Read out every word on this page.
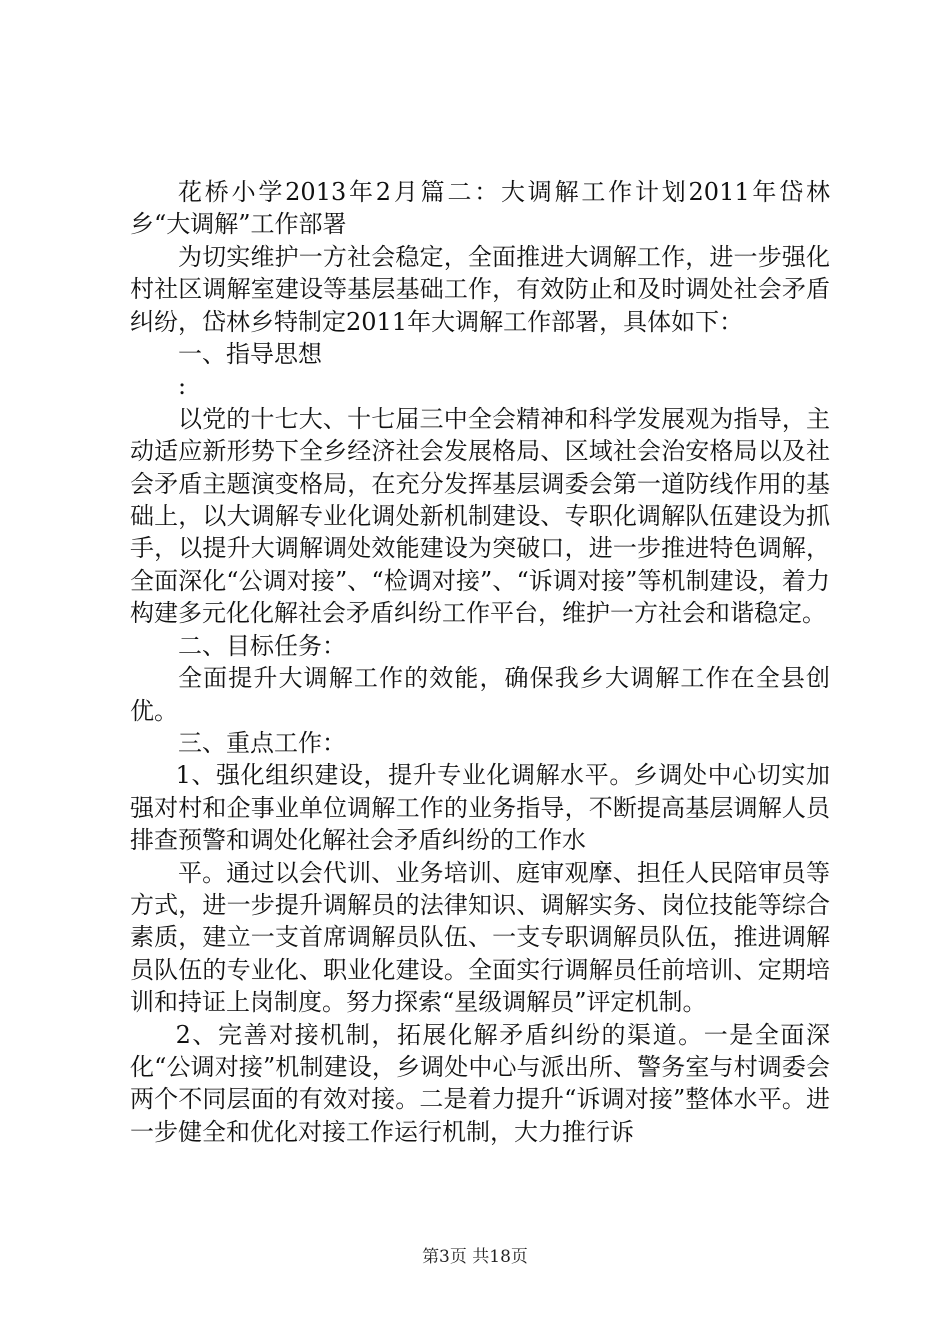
花桥小学2013年2月篇二：大调解工作计划2011年岱林乡“大调解”工作部署

为切实维护一方社会稳定，全面推进大调解工作，进一步强化村社区调解室建设等基层基础工作，有效防止和及时调处社会矛盾纠纷，岱林乡特制定2011年大调解工作部署，具体如下：

一、指导思想

:

以党的十七大、十七届三中全会精神和科学发展观为指导，主动适应新形势下全乡经济社会发展格局、区域社会治安格局以及社会矛盾主题演变格局，在充分发挥基层调委会第一道防线作用的基础上，以大调解专业化调处新机制建设、专职化调解队伍建设为抓手，以提升大调解调处效能建设为突破口，进一步推进特色调解，全面深化“公调对接”、“检调对接”、“诉调对接”等机制建设，着力构建多元化化解社会矛盾纠纷工作平台，维护一方社会和谐稳定。

二、目标任务：

全面提升大调解工作的效能，确保我乡大调解工作在全县创优。

三、重点工作：

1、强化组织建设，提升专业化调解水平。乡调处中心切实加强对村和企事业单位调解工作的业务指导，不断提高基层调解人员排查预警和调处化解社会矛盾纠纷的工作水

平。通过以会代训、业务培训、庭审观摩、担任人民陪审员等方式，进一步提升调解员的法律知识、调解实务、岗位技能等综合素质，建立一支首席调解员队伍、一支专职调解员队伍，推进调解员队伍的专业化、职业化建设。全面实行调解员任前培训、定期培训和持证上岗制度。努力探索“星级调解员”评定机制。

2、完善对接机制，拓展化解矛盾纠纷的渠道。一是全面深化“公调对接”机制建设，乡调处中心与派出所、警务室与村调委会两个不同层面的有效对接。二是着力提升“诉调对接”整体水平。进一步健全和优化对接工作运行机制，大力推行诉

第3页 共18页
